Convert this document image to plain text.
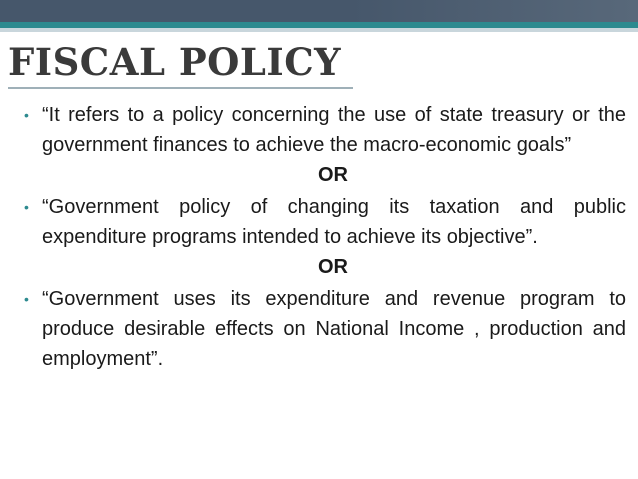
FISCAL POLICY
• “It refers to a policy concerning the use of state treasury or the government finances to achieve the macro-economic goals”
OR
• “Government policy of changing its taxation and public expenditure programs intended to achieve its objective”.
OR
• “Government uses its expenditure and revenue program to produce desirable effects on National Income , production and employment”.
